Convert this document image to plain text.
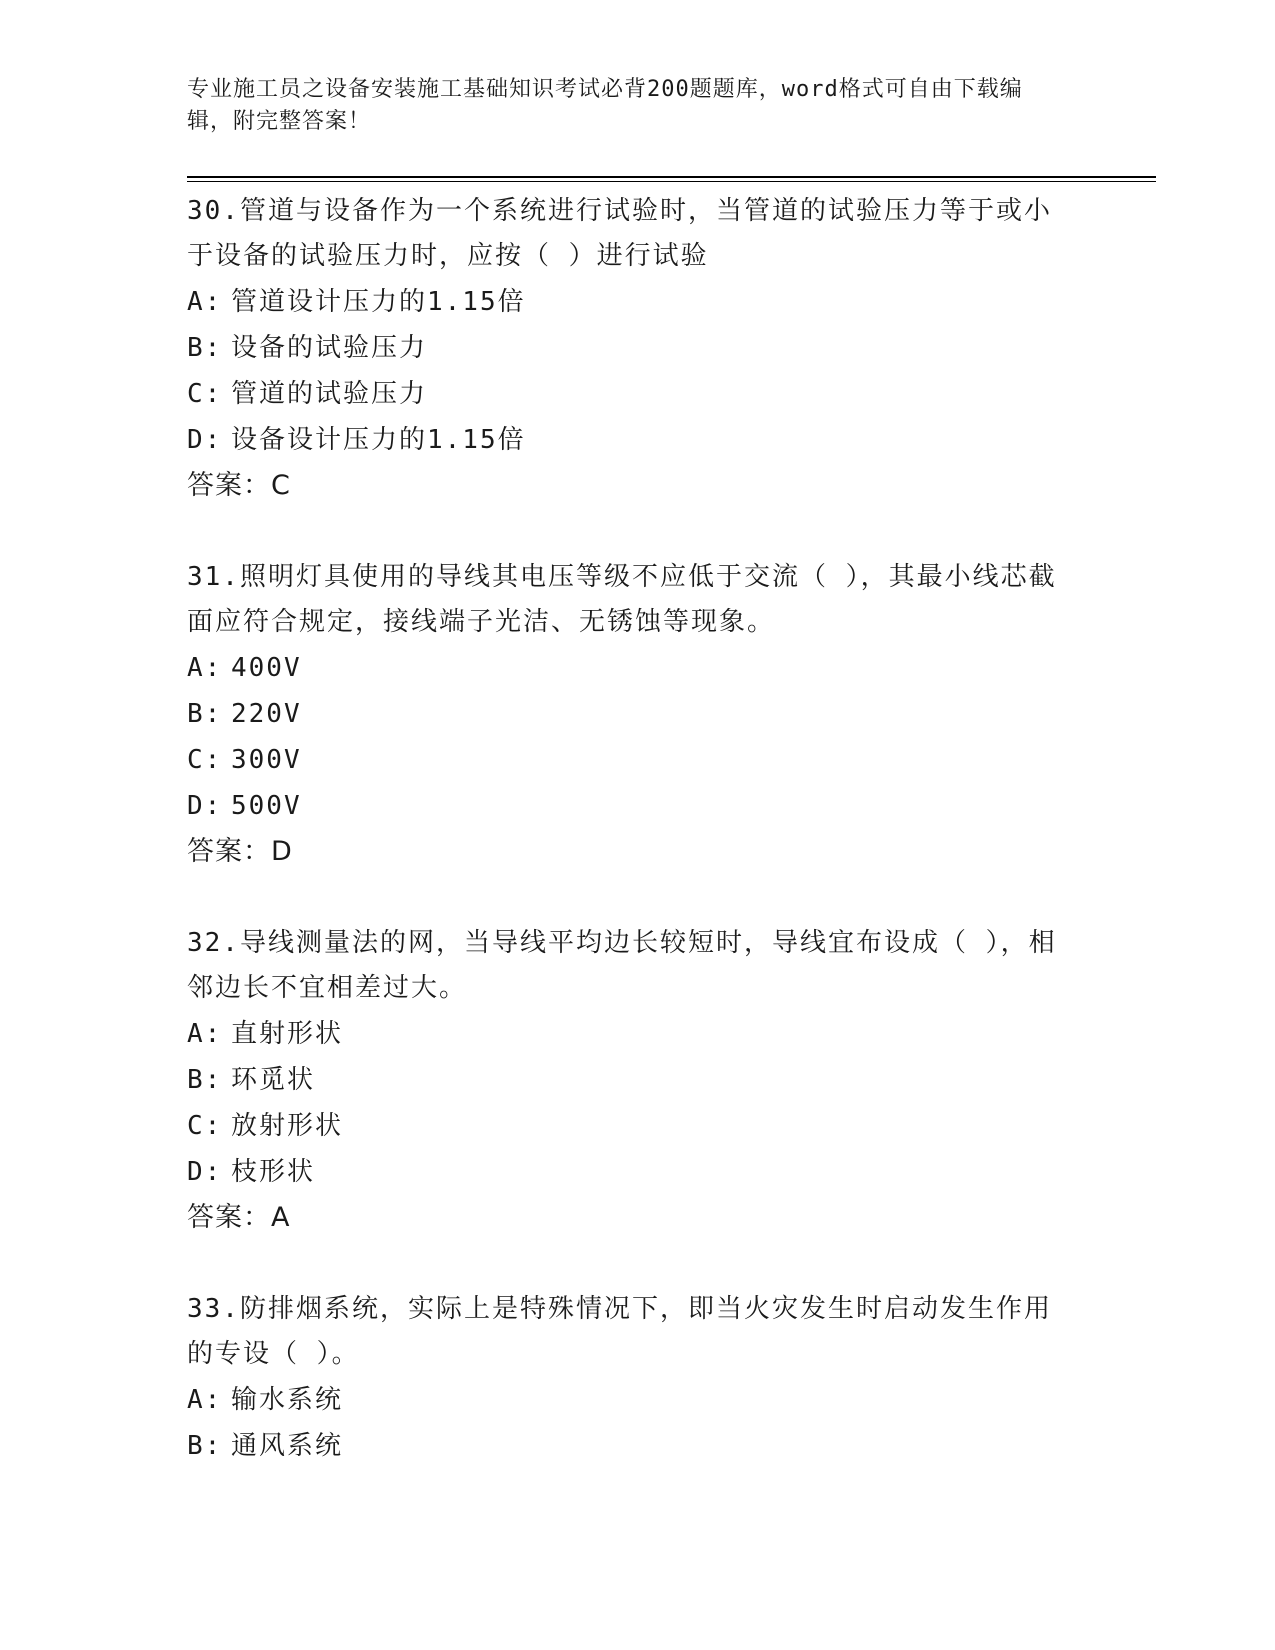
专业施工员之设备安装施工基础知识考试必背200题题库，word格式可自由下载编辑，附完整答案！
30.管道与设备作为一个系统进行试验时，当管道的试验压力等于或小于设备的试验压力时，应按（ ）进行试验
A: 管道设计压力的1.15倍
B: 设备的试验压力
C: 管道的试验压力
D: 设备设计压力的1.15倍
答案：C
31.照明灯具使用的导线其电压等级不应低于交流（ ），其最小线芯截面应符合规定，接线端子光洁、无锈蚀等现象。
A: 400V
B: 220V
C: 300V
D: 500V
答案：D
32.导线测量法的网，当导线平均边长较短时，导线宜布设成（ ），相邻边长不宜相差过大。
A: 直射形状
B: 环觅状
C: 放射形状
D: 枝形状
答案：A
33.防排烟系统，实际上是特殊情况下，即当火灾发生时启动发生作用的专设（ ）。
A: 输水系统
B: 通风系统
